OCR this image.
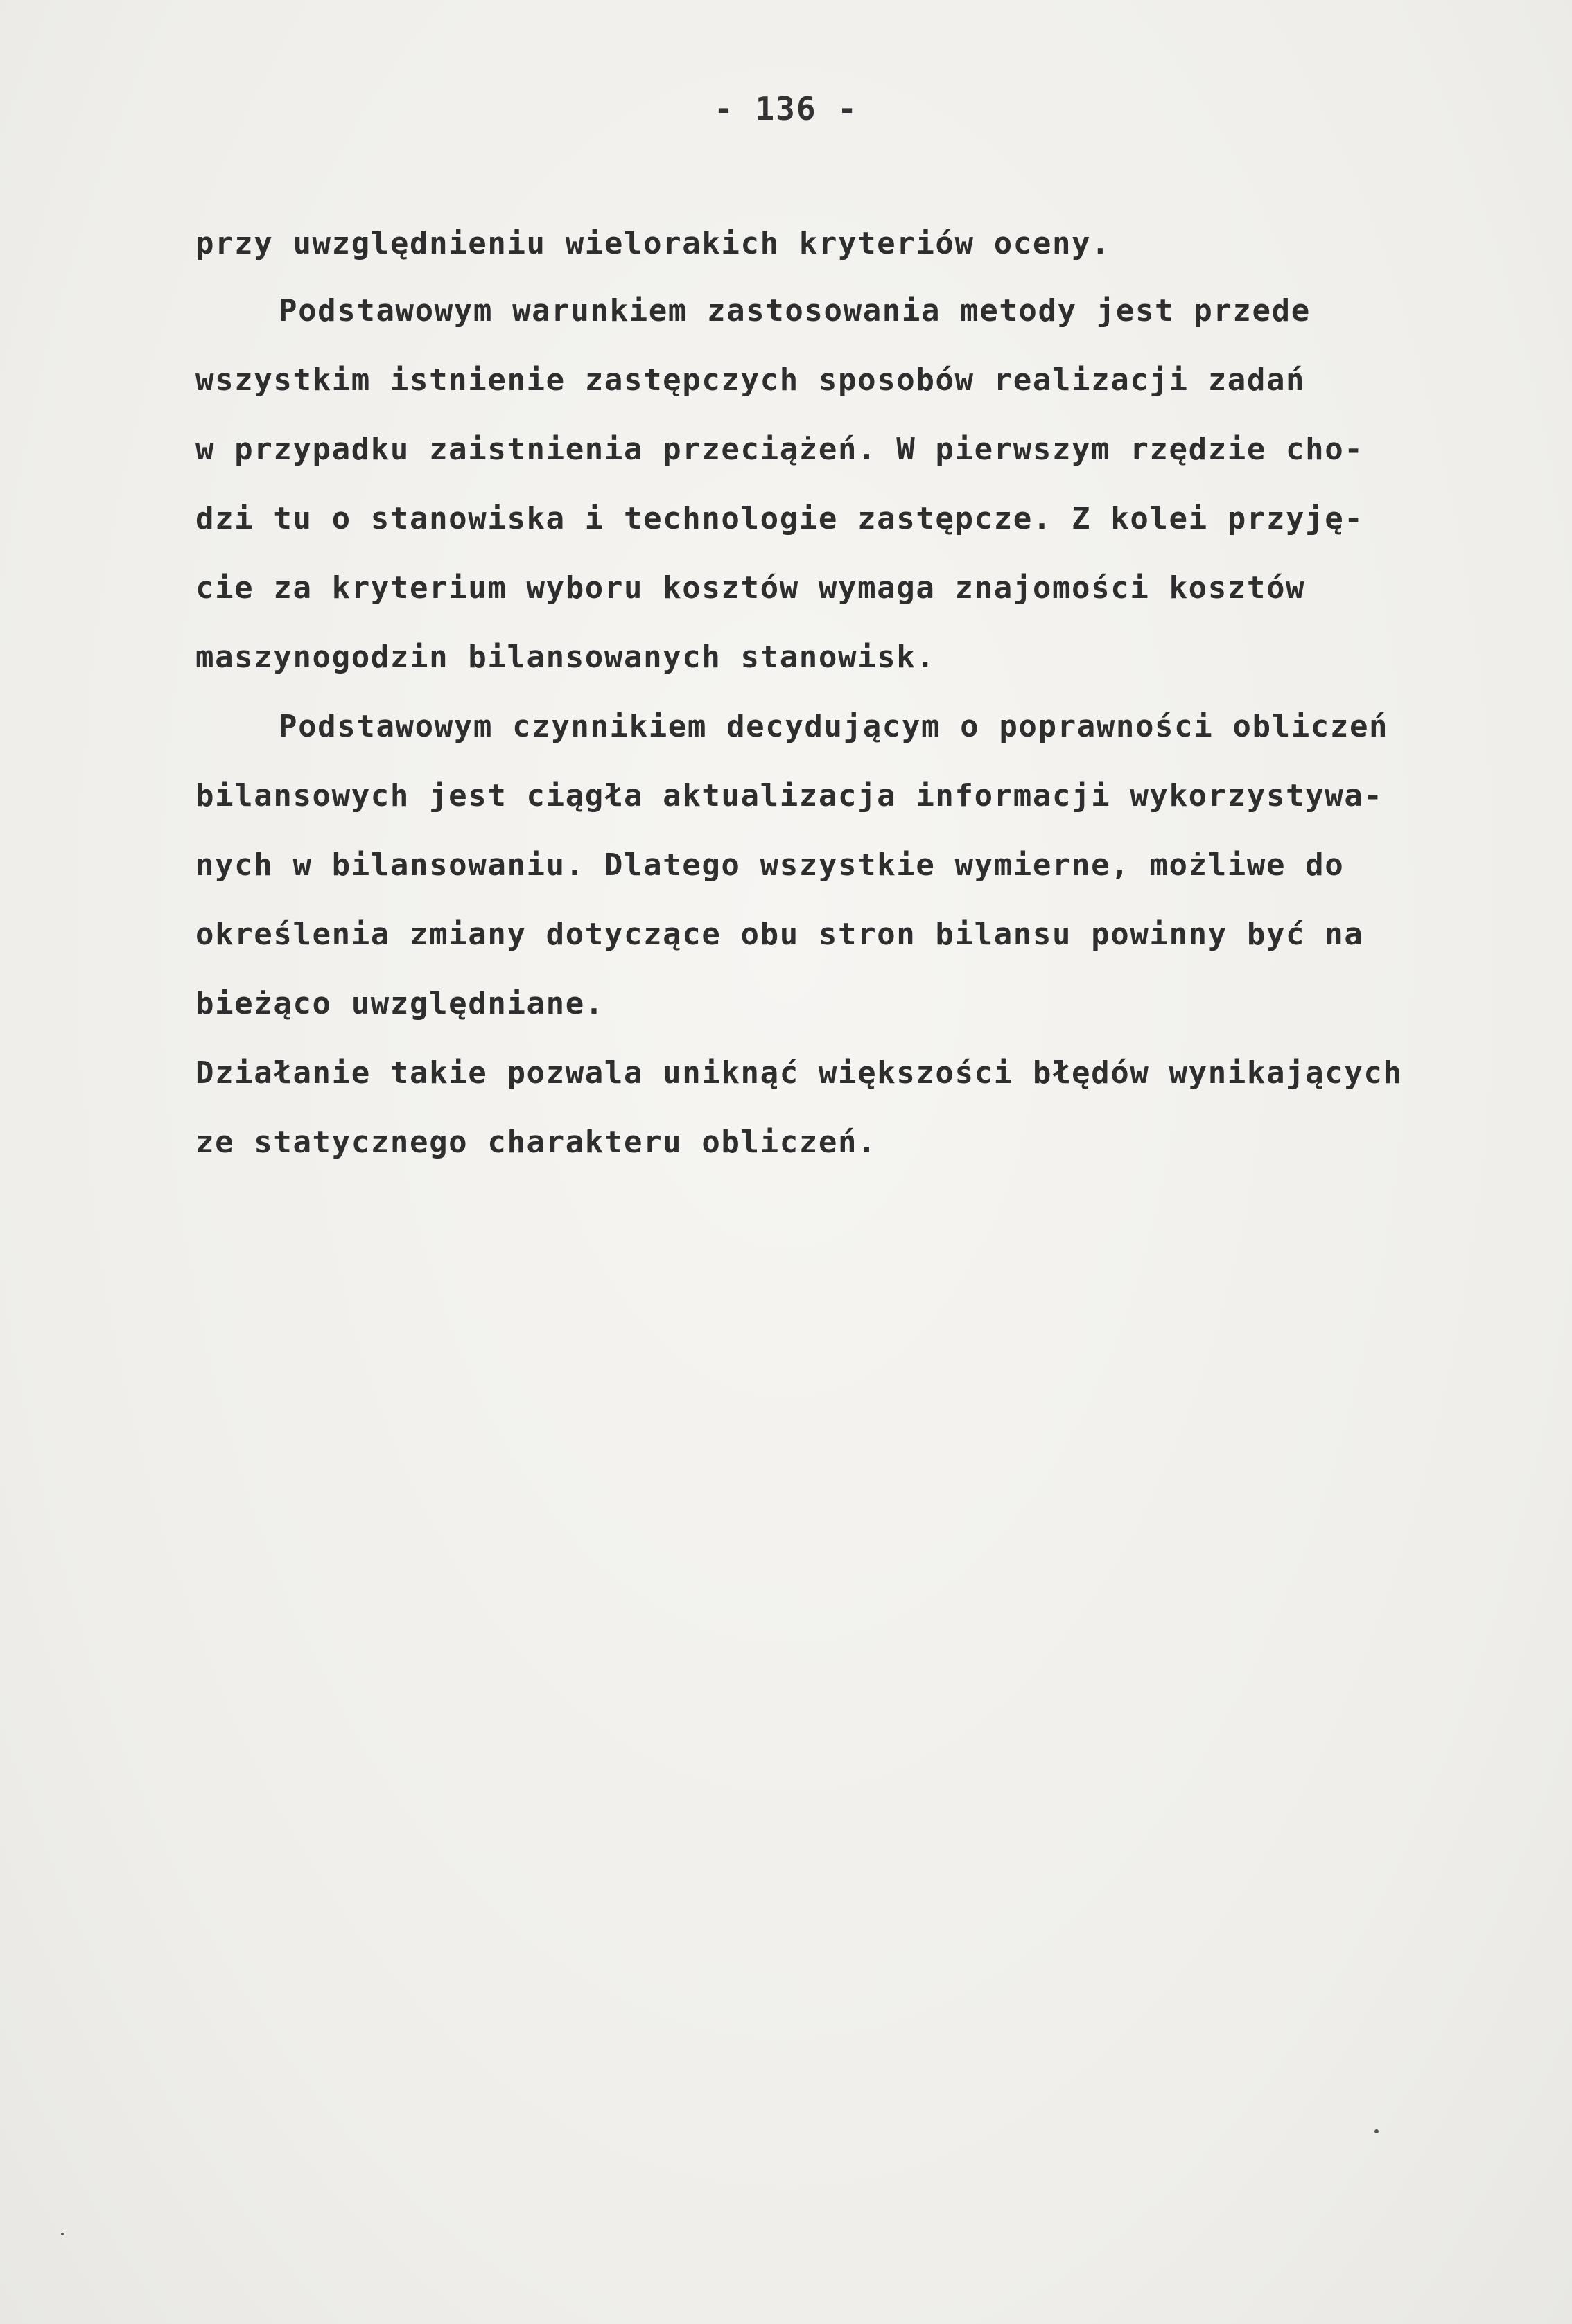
- 136 -
przy uwzględnieniu wielorakich kryteriów oceny.
Podstawowym warunkiem zastosowania metody jest przede
wszystkim istnienie zastępczych sposobów realizacji zadań
w przypadku zaistnienia przeciążeń. W pierwszym rzędzie cho-
dzi tu o stanowiska i technologie zastępcze. Z kolei przyję-
cie za kryterium wyboru kosztów wymaga znajomości kosztów
maszynogodzin bilansowanych stanowisk.
Podstawowym czynnikiem decydującym o poprawności obliczeń
bilansowych jest ciągła aktualizacja informacji wykorzystywa-
nych w bilansowaniu. Dlatego wszystkie wymierne, możliwe do
określenia zmiany dotyczące obu stron bilansu powinny być na
bieżąco uwzględniane.
Działanie takie pozwala uniknąć większości błędów wynikających
ze statycznego charakteru obliczeń.
